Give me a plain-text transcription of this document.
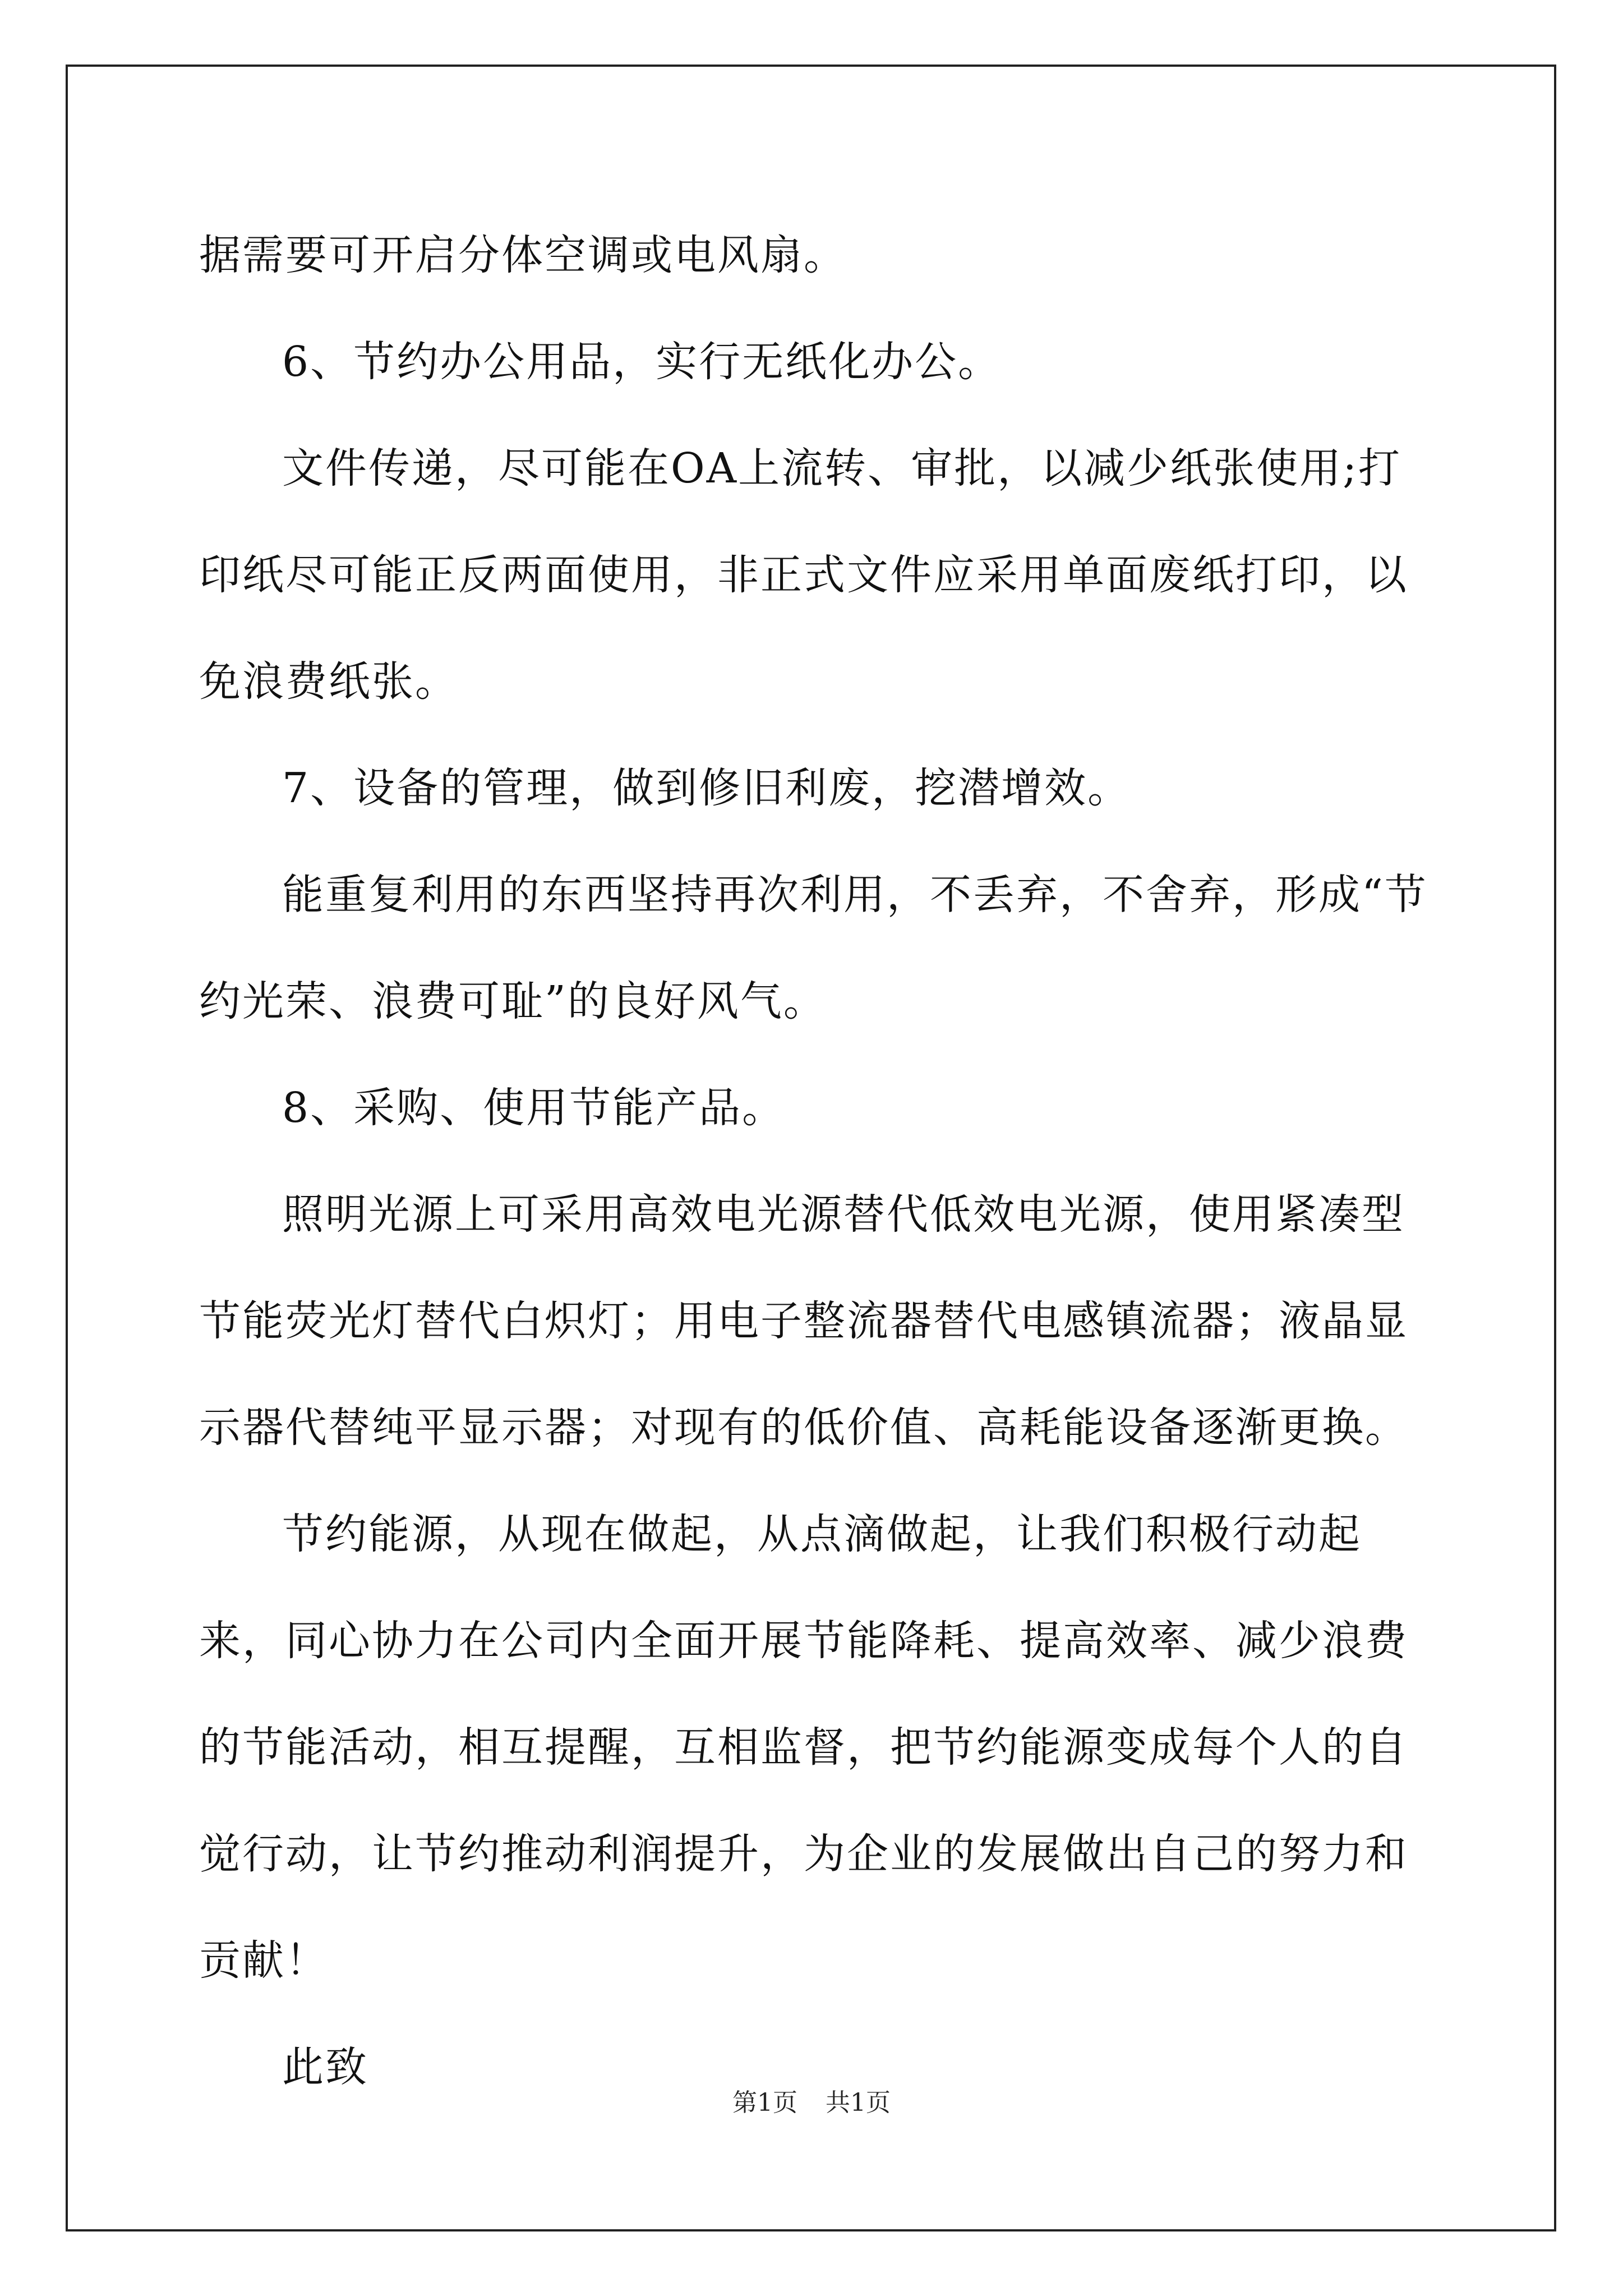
据需要可开启分体空调或电风扇。

6、节约办公用品，实行无纸化办公。

文件传递，尽可能在OA上流转、审批，以减少纸张使用;打印纸尽可能正反两面使用，非正式文件应采用单面废纸打印，以免浪费纸张。

7、设备的管理，做到修旧利废，挖潜增效。

能重复利用的东西坚持再次利用，不丢弃，不舍弃，形成“节约光荣、浪费可耻”的良好风气。

8、采购、使用节能产品。

照明光源上可采用高效电光源替代低效电光源，使用紧凑型节能荧光灯替代白炽灯；用电子整流器替代电感镇流器；液晶显示器代替纯平显示器；对现有的低价值、高耗能设备逐渐更换。

节约能源，从现在做起，从点滴做起，让我们积极行动起来，同心协力在公司内全面开展节能降耗、提高效率、减少浪费的节能活动，相互提醒，互相监督，把节约能源变成每个人的自觉行动，让节约推动利润提升，为企业的发展做出自己的努力和贡献！

此致

第1页 共1页
